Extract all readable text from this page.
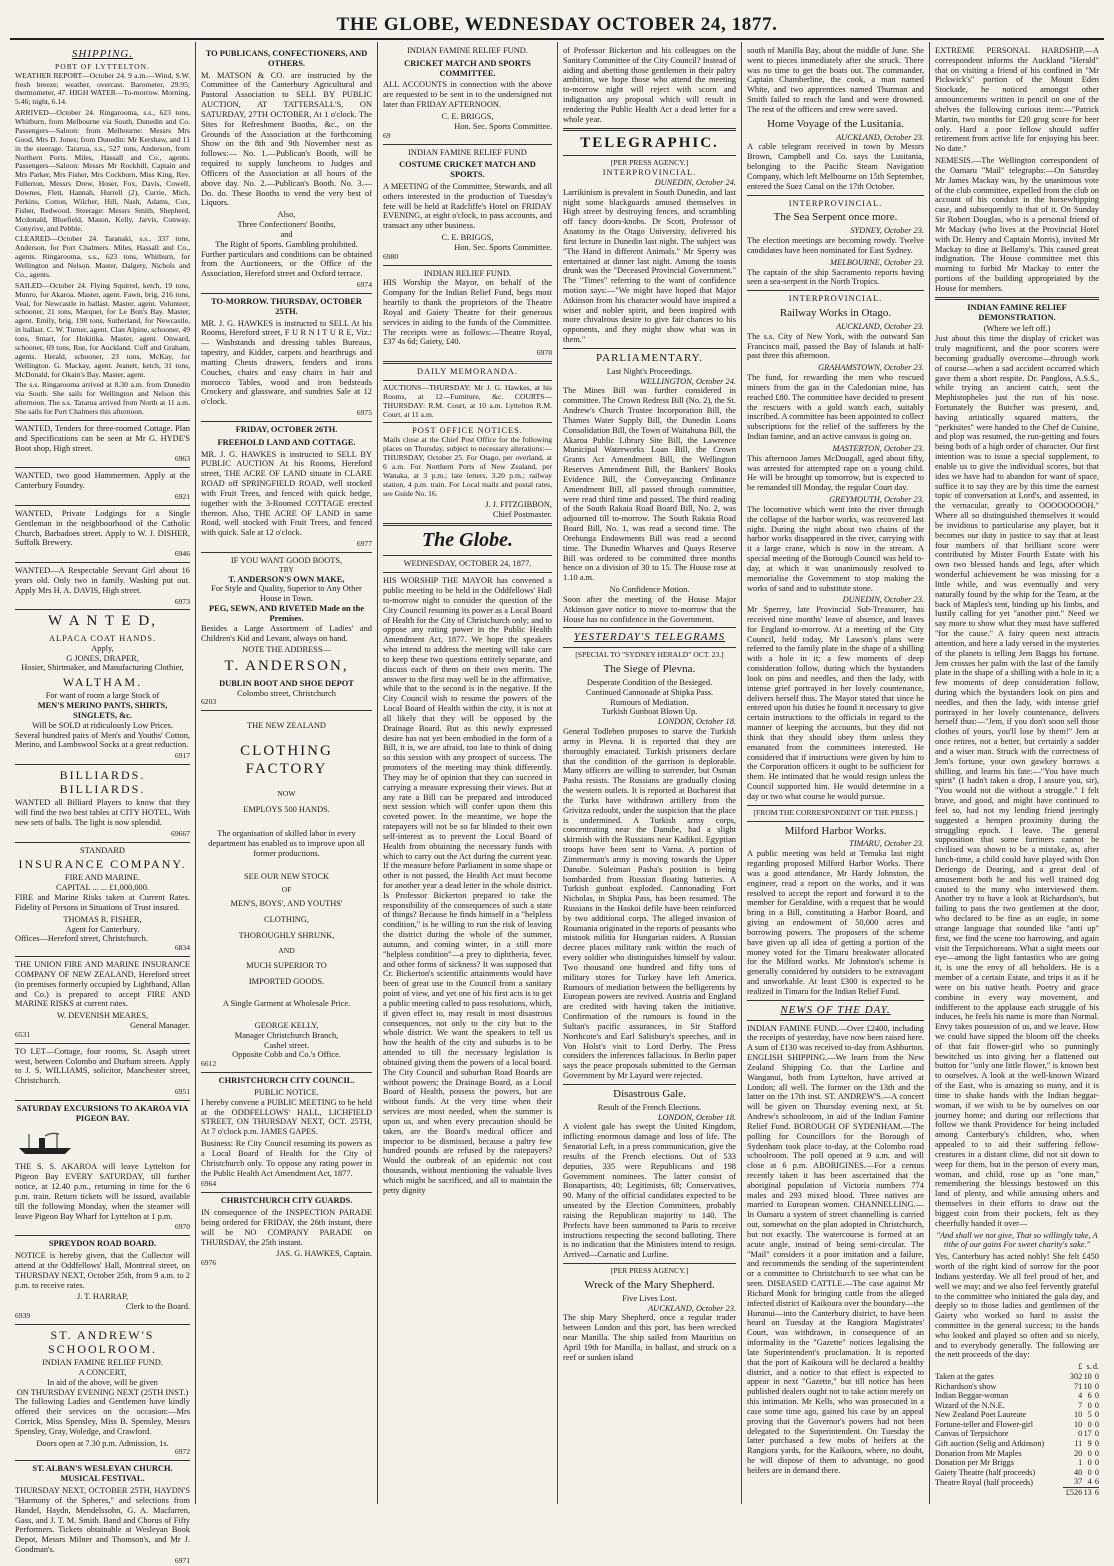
THE GLOBE, WEDNESDAY OCTOBER 24, 1877.
SHIPPING.
PORT OF LYTTELTON.

WEATHER REPORT—October 24. 9 a.m.—Wind, S.W. fresh breeze; weather, overcast. Barometer, 29.95; thermometer, 47. HIGH WATER—To-morrow. Morning, 5.46; night, 6.14.

ARRIVED—October 24. Ringarooma, s.s., 623 tons, Whitburn, from Melbourne via South, Dunedin and Co. Passengers—Saloon: from Melbourne: Messrs Mrs Good, Mrs D. Jones; from Dunedin: Mr Kershaw, and 11 in the steerage. Tararua, s.s., 527 tons, Anderson, from Northern Ports. Miles, Hassall and Co., agents. Passengers—Saloon: Messrs Mr Rockhill, Captain and Mrs Parker, Mrs Fisher, Mrs Cockburn, Miss King, Rev. Fullerton, Messrs Drew, Hoser, Fox, Davis, Cowell, Downes, Flett, Hannah, Hurrell (2), Currie, Mich, Perkins, Cotton, Wilcher, Hill, Nash, Adams, Cox, Fisher, Redwood. Steerage: Messrs Smith, Shepherd, Mcdonald, Bluefield, Mason, Kelly, Jarvis, Conway, Conyrive, and Pebble.

CLEARED—October 24. Taranaki, s.s., 337 tons, Anderson, for Port Chalmers. Miles, Hassall and Co., agents. Ringarooma, s.s., 623 tons, Whitburn, for Wellington and Nelson. Master, Dalgety, Nichols and Co., agents.

SAILED—October 24. Flying Squirrel, ketch, 19 tons, Munro, for Akaroa. Master, agent. Fawn, brig, 216 tons, Veal, for Newcastle in ballast. Master, agent. Volunteer, schooner, 21 tons, Marquet, for Le Bon's Bay. Master, agent. Emily, brig, 198 tons, Sutherland, for Newcastle, in ballast. C. W. Turner, agent. Clan Alpine, schooner, 49 tons, Smart, for Hokitika. Master, agent. Onward, schooner, 69 tons, Rue, for Auckland. Cuff and Graham, agents. Herald, schooner, 23 tons, McKay, for Wellington. G. Mackay, agent. Jeanett, ketch, 31 tons, McDonald, for Okain's Bay. Master, agent.

The s.s. Ringarooma arrived at 8.30 a.m. from Dunedin via South. She sails for Wellington and Nelson this afternoon. The s.s. Tararua arrived from North at 11 a.m. She sails for Port Chalmers this afternoon.

WANTED, Tenders for three-roomed Cottage. Plan and Specifications can be seen at Mr G. HYDE'S Boot shop, High street.

6963

WANTED, two good Hammermen. Apply at the Canterbury Foundry.

6921

WANTED, Private Lodgings for a Single Gentleman in the neighbourhood of the Catholic Church, Barbadoes street. Apply to W. J. DISHER, Suffolk Brewery.

6946

WANTED—A Respectable Servant Girl about 16 years old. Only two in family. Washing put out. Apply Mrs H. A. DAVIS, High street.

6973
W A N T E D,
ALPACA COAT HANDS.
Apply,
G JONES, DRAPER,
Hosier, Shirtmaker, and Manufacturing Clothier,
WALTHAM.
For want of room a large Stock of
MEN'S MERINO PANTS, SHIRTS, SINGLETS, &c.
Will be SOLD at ridiculously Low Prices.

Several hundred pairs of Men's and Youths' Cotton, Merino, and Lambswool Socks at a great reduction.

6917
BILLIARDS. BILLIARDS.

WANTED all Billiard Players to know that they will find the two best tables at CITY HOTEL, With new sets of balls. The light is now splendid.

69667
STANDARD
INSURANCE COMPANY.
FIRE AND MARINE.
CAPITAL ... ... £1,000,000.

FIRE and Marine Risks taken at Current Rates. Fidelity of Persons in Situations of Trust insured.

THOMAS R. FISHER,
Agent for Canterbury.
Offices—Hereford street, Christchurch.
6834

THE UNION FIRE AND MARINE INSURANCE COMPANY OF NEW ZEALAND, Hereford street (in premises formerly occupied by Lightband, Allan and Co.) is prepared to accept FIRE AND MARINE RISKS at current rates.

W. DEVENISH MEARES,
General Manager.
6531

TO LET—Cottage, four rooms, St. Asaph street west, between Colombo and Durham streets. Apply to J. S. WILLIAMS, solicitor, Manchester street, Christchurch.

6951
SATURDAY EXCURSIONS TO AKAROA VIA PIGEON BAY.

THE S. S. AKAROA will leave Lyttelton for Pigeon Bay EVERY SATURDAY, till further notice, at 12.40 p.m., returning in time for the 6 p.m. train. Return tickets will be issued, available till the following Monday, when the steamer will leave Pigeon Bay Wharf for Lyttelton at 1 p.m.

6970
SPREYDON ROAD BOARD.

NOTICE is hereby given, that the Collector will attend at the Oddfellows' Hall, Montreal street, on THURSDAY NEXT, October 25th, from 9 a.m. to 2 p.m. to receive rates.

J. T. HARRAP,
Clerk to the Board.
6939
ST. ANDREW'S SCHOOLROOM.
INDIAN FAMINE RELIEF FUND.
A CONCERT,
In aid of the above, will be given
ON THURSDAY EVENING NEXT (25TH INST.)

The following Ladies and Gentlemen have kindly offered their services on the occasion:—Mrs Corrick, Miss Spensley, Miss B. Spensley, Messrs Spensley, Gray, Woledge, and Crawford.

Doors open at 7.30 p.m. Admission, 1s.
6972
ST. ALBAN'S WESLEYAN CHURCH. MUSICAL FESTIVAL.

THURSDAY NEXT, OCTOBER 25TH, HAYDN'S "Harmony of the Spheres," and selections from Handel, Haydn, Mendelssohn, G. A. Macfarren, Gass, and J. T. M. Smith. Band and Chorus of Fifty Performers. Tickets obtainable at Wesleyan Book Depot, Messrs Milner and Thomson's, and Mr J. Goodman's.

6971
TO PUBLICANS, CONFECTIONERS, AND OTHERS.

M. MATSON & CO. are instructed by the Committee of the Canterbury Agricultural and Pastoral Association to SELL BY PUBLIC AUCTION, AT TATTERSALL'S, ON SATURDAY, 27TH OCTOBER, At 1 o'clock. The Sites for Refreshment Booths, &c., on the Grounds of the Association at the forthcoming Show on the 8th and 9th November next as follows:— No. 1.—Publican's Booth, will be required to supply luncheons to Judges and Officers of the Association at all hours of the above day. No. 2.—Publican's Booth. No. 3.— Do. do. These Booths to vend the very best of Liquors.

Also,
Three Confectioners' Booths,
and
The Right of Sports. Gambling prohibited.

Further particulars and conditions can be obtained from the Auctioneers, or the Office of the Association, Hereford street and Oxford terrace.

6974
TO-MORROW. THURSDAY, OCTOBER 25TH.

MR. J. G. HAWKES is instructed to SELL At his Rooms, Hereford street, F U R N I T U R E, Viz.:— Washstands and dressing tables Bureaus, tapestry, and Kidder, carpets and hearthrugs and matting Chests drawers, fenders and irons Couches, chairs and easy chairs in hair and morocco Tables, wood and iron bedsteads Crockery and glassware, and sundries Sale at 12 o'clock.

6975
FRIDAY, OCTOBER 26TH.
FREEHOLD LAND AND COTTAGE.

MR. J. G. HAWKES is instructed to SELL BY PUBLIC AUCTION At his Rooms, Hereford street, THE ACRE OF LAND situate in CLARE ROAD off SPRINGFIELD ROAD, well stocked with Fruit Trees, and fenced with quick hedge, together with the 3-Roomed COTTAGE erected thereon. Also, THE ACRE OF LAND in same Road, well stocked with Fruit Trees, and fenced with quick. Sale at 12 o'clock.

6977
IF YOU WANT GOOD BOOTS,
TRY
T. ANDERSON'S OWN MAKE,
For Style and Quality, Superior to Any Other House in Town.
PEG, SEWN, AND RIVETED Made on the Premises.

Besides a Large Assortment of Ladies' and Children's Kid and Levant, always on hand.

NOTE THE ADDRESS—
T. ANDERSON,
DUBLIN BOOT AND SHOE DEPOT
Colombo street, Christchurch
6203
THE NEW ZEALAND
CLOTHING FACTORY
NOW
EMPLOYS 500 HANDS.

The organisation of skilled labor in every department has enabled us to improve upon all former productions.

SEE OUR NEW STOCK
OF
MEN'S, BOYS', AND YOUTHS'
CLOTHING,
THOROUGHLY SHRUNK,
AND
MUCH SUPERIOR TO
IMPORTED GOODS.
A Single Garment at Wholesale Price.
GEORGE KELLY,
Manager Christchurch Branch,
Cashel street.
Opposite Cobb and Co.'s Office.
6612
CHRISTCHURCH CITY COUNCIL.
PUBLIC NOTICE.

I hereby convene a PUBLIC MEETING to be held at the ODDFELLOWS' HALL, LICHFIELD STREET, ON THURSDAY NEXT, OCT. 25TH, At 7 o'clock p.m. JAMES GAPES.

Business: Re City Council resuming its powers as a Local Board of Health for the City of Christchurch only. To oppose any rating power in the Public Health Act Amendment Act, 1877.

6964
CHRISTCHURCH CITY GUARDS.

IN consequence of the INSPECTION PARADE being ordered for FRIDAY, the 26th instant, there will be NO COMPANY PARADE on THURSDAY, the 25th instant.

JAS. G. HAWKES, Captain.
6976
INDIAN FAMINE RELIEF FUND.
CRICKET MATCH AND SPORTS COMMITTEE.

ALL ACCOUNTS in connection with the above are requested to be sent in to the undersigned not later than FRIDAY AFTERNOON.

C. E. BRIGGS,
Hon. Sec. Sports Committee.
69
INDIAN FAMINE RELIEF FUND
COSTUME CRICKET MATCH AND SPORTS.

A MEETING of the Committee, Stewards, and all others interested in the production of Tuesday's fete will be held at Radcliffe's Hotel on FRIDAY EVENING, at eight o'clock, to pass accounts, and transact any other business.

C. E. BRIGGS,
Hon. Sec. Sports Committee.
6980
INDIAN RELIEF FUND.

HIS Worship the Mayor, on behalf of the Company for the Indian Relief Fund, begs most heartily to thank the proprietors of the Theatre Royal and Gaiety Theatre for their generous services in aiding to the funds of the Committee. The receipts were as follows:—Theatre Royal, £37 4s 6d; Gaiety, £40.

6978
DAILY MEMORANDA.

AUCTIONS—THURSDAY: Mr J. G. Hawkes, at his Rooms, at 12—Furniture, &c. COURTS—THURSDAY: R.M. Court, at 10 a.m. Lyttelton R.M. Court, at 11 a.m.

POST OFFICE NOTICES.

Mails close at the Chief Post Office for the following places on Thursday, subject to necessary alterations:— THURSDAY, October 25. For Otago, per overland, at 6 a.m. For Northern Ports of New Zealand, per Wanaka, at 3 p.m.; late letters, 3.20 p.m.; railway station, 4 p.m. train. For Local mails and postal rates, see Guide No. 16.

J. J. FITZGIBBON,
Chief Postmaster.
The Globe.
WEDNESDAY, OCTOBER 24, 1877.

HIS WORSHIP THE MAYOR has convened a public meeting to be held in the Oddfellows' Hall to-morrow night to consider the question of the City Council resuming its power as a Local Board of Health for the City of Christchurch only; and to oppose any rating power in the Public Health Amendment Act, 1877. We hope the speakers who intend to address the meeting will take care to keep these two questions entirely separate, and discuss each of them on their own merits. The answer to the first may well be in the affirmative, while that to the second is in the negative. If the City Council wish to resume the powers of the Local Board of Health within the city, it is not at all likely that they will be opposed by the Drainage Board. But as this newly expressed desire has not yet been embodied in the form of a Bill, it is, we are afraid, too late to think of doing so this session with any prospect of success. The promoters of the meeting may think differently. They may be of opinion that they can succeed in carrying a measure expressing their views. But at any rate a Bill can be prepared and introduced next session which will confer upon them this coveted power. In the meantime, we hope the ratepayers will not be so far blinded to their own self-interest as to prevent the Local Board of Health from obtaining the necessary funds with which to carry out the Act during the current year. If the measure before Parliament in some shape or other is not passed, the Health Act must become for another year a dead letter in the whole district. Is Professor Bickerton prepared to take the responsibility of the consequences of such a state of things? Because he finds himself in a "helpless condition," is he willing to run the risk of leaving the district during the whole of the summer, autumn, and coming winter, in a still more "helpless condition"—a prey to diphtheria, fever, and other forms of sickness? It was supposed that Cr. Bickerton's scientific attainments would have been of great use to the Council from a sanitary point of view, and yet one of his first acts is to get a public meeting called to pass resolutions, which, if given effect to, may result in most disastrous consequences, not only to the city but to the whole district. We want the speakers to tell us how the health of the city and suburbs is to be attended to till the necessary legislation is obtained giving them the powers of a local board. The City Council and suburban Road Boards are without powers; the Drainage Board, as a Local Board of Health, possess the powers, but are without funds. At the very time when their services are most needed, when the summer is upon us, and when every precaution should be taken, are the Board's medical officer and inspector to be dismissed, because a paltry few hundred pounds are refused by the ratepayers? Would the outbreak of an epidemic not cost thousands, without mentioning the valuable lives which might be sacrificed, and all to maintain the petty dignity

of Professor Bickerton and his colleagues on the Sanitary Committee of the City Council? Instead of aiding and abetting those gentlemen in their paltry ambition, we hope those who attend the meeting to-morrow night will reject with scorn and indignation any proposal which will result in rendering the Public Health Act a dead letter for a whole year.

TELEGRAPHIC.
[PER PRESS AGENCY.]
INTERPROVINCIAL.
DUNEDIN, October 24.

Larrikinism is prevalent in South Dunedin, and last night some blackguards amused themselves in High street by destroying fences, and scrambling off fancy doors-knobs. Dr Scott, Professor of Anatomy in the Otago University, delivered his first lecture in Dunedin last night. The subject was "The Hand in different Animals." Mr Sperry was entertained at dinner last night. Among the toasts drunk was the "Deceased Provincial Government." The "Times" referring to the want of confidence motion says:—"We might have hoped that Major Atkinson from his character would have inspired a wiser and nobler spirit, and been inspired with more chivalrous desire to give fair chances to his opponents, and they might show what was in them."

PARLIAMENTARY.
Last Night's Proceedings.
WELLINGTON, October 24.

The Mines Bill was further considered in committee. The Crown Redress Bill (No. 2), the St. Andrew's Church Trustee Incorporation Bill, the Thames Water Supply Bill, the Dunedin Loans Consolidation Bill, the Town of Waitahuna Bill, the Akaroa Public Library Site Bill, the Lawrence Municipal Waterworks Loan Bill, the Crown Grants Act Amendment Bill, the Wellington Reserves Amendment Bill, the Bankers' Books Evidence Bill, the Conveyancing Ordinance Amendment Bill, all passed through committee, were read third time and passed. The third reading of the South Rakaia Road Board Bill, No. 2, was adjourned till to-morrow. The South Rakaia Road Board Bill, No. 1, was read a second time. The Orehunga Endowments Bill was read a second time. The Dunedin Wharves and Quays Reserve Bill was ordered to be committed three months hence on a division of 30 to 15. The House rose at 1.10 a.m.

No Confidence Motion.

Soon after the meeting of the House Major Atkinson gave notice to move to-morrow that the House has no confidence in the Government.

YESTERDAY'S TELEGRAMS
[SPECIAL TO "SYDNEY HERALD" OCT. 23.]
The Siege of Plevna.
Desperate Condition of the Besieged.
Continued Cannonade at Shipka Pass.
Rumours of Mediation.
Turkish Gunboat Blown Up.
LONDON, October 18.

General Todleben proposes to starve the Turkish army in Plevna. It is reported that they are thoroughly emaciated. Turkish prisoners declare that the condition of the garrison is deplorable. Many officers are willing to surrender, but Osman Pasha resists. The Russians are gradually closing the western outlets. It is reported at Bucharest that the Turks have withdrawn artillery from the Grivitza redoubt, under the suspicion that the place is undermined. A Turkish army corps, concentrating near the Danube, had a slight skirmish with the Russians near Kadikoi. Egyptian troops have been sent to Varna. A portion of Zimmerman's army is moving towards the Upper Danube. Suleiman Pasha's position is being bombarded from Russian floating batteries. A Turkish gunboat exploded. Cannonading Fort Nicholas, in Shipka Pass, has been resumed. The Russians in the Haskoi defile have been reinforced by two additional corps. The alleged invasion of Roumania originated in the reports of peasants who mistook militia for Hungarian raiders. A Russian decree places military rank within the reach of every soldier who distinguishes himself by valour. Two thousand one hundred and fifty tons of military stores for Turkey have left America. Rumours of mediation between the belligerents by European powers are revived. Austria and England are credited with having taken the initiative. Confirmation of the rumours is found in the Sultan's pacific assurances, in Sir Stafford Northcote's and Earl Salisbury's speeches, and in Von Holst's visit to Lord Derby. The Press considers the inferences fallacious. In Berlin paper says the peace proposals submitted to the German Government by Mr Layard were rejected.

Disastrous Gale.
Result of the French Elections.
LONDON, October 18.

A violent gale has swept the United Kingdom, inflicting enormous damage and loss of life. The Senatorial Left, in a press communication, give the results of the French elections. Out of 533 deputies, 335 were Republicans and 198 Government nominees. The latter consist of Bonapartists, 40; Legitimists, 68; Conservatives, 90. Many of the official candidates expected to be unseated by the Election Committees, probably raising the Republican majority to 140. The Prefects have been summoned to Paris to receive instructions respecting the second balloting. There is no indication that the Ministers intend to resign. Arrived—Carnatic and Lurline.

[PER PRESS AGENCY.]
Wreck of the Mary Shepherd.
Five Lives Lost.
AUCKLAND, October 23.

The ship Mary Shepherd, once a regular trader between London and this port, has been wrecked near Manilla. The ship sailed from Mauritius on April 19th for Manilla, in ballast, and struck on a reef or sunken island

south of Manilla Bay, about the middle of June. She went to pieces immediately after she struck. There was no time to get the boats out. The commander, Captain Chamberline, the cook, a man named White, and two apprentices named Thurman and Smith failed to reach the land and were drowned. The rest of the officers and crew were saved.

Home Voyage of the Lusitania.
AUCKLAND, October 23.

A cable telegram received in town by Messrs Brown, Campbell and Co. says the Lusitania, belonging to the Pacific Steam Navigation Company, which left Melbourne on 15th September, entered the Suez Canal on the 17th October.

INTERPROVINCIAL.
The Sea Serpent once more.
SYDNEY, October 23.

The election meetings are becoming rowdy. Twelve candidates have been nominated for East Sydney.

MELBOURNE, October 23.

The captain of the ship Sacramento reports having seen a sea-serpent in the North Tropics.

INTERPROVINCIAL.
Railway Works in Otago.
AUCKLAND, October 23.

The s.s. City of New York, with the outward San Francisco mail, passed the Bay of Islands at half-past three this afternoon.

GRAHAMSTOWN, October 23.

The fund, for rewarding the men who rescued miners from the gas in the Caledonian mine, has reached £80. The committee have decided to present the rescuers with a gold watch each, suitably inscribed. A committee has been appointed to collect subscriptions for the relief of the sufferers by the Indian famine, and an active canvass is going on.

MASTERTON, October 23.

This afternoon James McDougall, aged about fifty, was arrested for attempted rape on a young child. He will be brought up tomorrow, but is expected to be remanded till Monday, the regular Court day.

GREYMOUTH, October 23.

The locomotive which went into the river through the collapse of the harbor works, was recovered last night. During the night about two chains of the harbor works disappeared in the river, carrying with it a large crane, which is now in the stream. A special meeting of the Borough Council was held to-day, at which it was unanimously resolved to memorialise the Government to stop making the works of sand and to substitute stone.

DUNEDIN, October 23.

Mr Sperrey, late Provincial Sub-Treasurer, has received nine months' leave of absence, and leaves for England to-morrow. At a meeting of the City Council, held today, Mr Lawson's plans were referred to the family plate in the shape of a shilling with a hole in it; a few moments of deep consideration follow, during which the bystanders look on pins and needles, and then the lady, with intense grief portrayed in her lovely countenance, delivers herself thus. The Mayor stated that since he entered upon his duties he found it necessary to give certain instructions to the officials in regard to the manner of keeping the accounts, but they did not think that they should obey them unless they emanated from the committees interested. He considered that if instructions were given by him to the Corporation officers it ought to be sufficient for them. He intimated that he would resign unless the Council supported him. He would determine in a day or two what course he would pursue.

[FROM THE CORRESPONDENT OF THE PRESS.]
Milford Harbor Works.
TIMARU, October 23.

A public meeting was held at Temuka last night regarding proposed Milford Harbor Works. There was a good attendance, Mr Hardy Johnston, the engineer, read a report on the works, and it was resolved to accept the report and forward it to the member for Geraldine, with a request that he would bring in a Bill, constituting a Harbor Board, and giving an endowment of 50,000 acres and borrowing powers. The proposers of the scheme have given up all idea of getting a portion of the money voted for the Timaru breakwater allocated for the Milford works. Mr Johnston's scheme is generally considered by outsiders to be extravagant and unworkable. At least £300 is expected to be realized in Timaru for the Indian Relief Fund.

NEWS OF THE DAY.

INDIAN FAMINE FUND.—Over £2400, including the receipts of yesterday, have now been raised here. A sum of £130 was received to-day from Ashburton. ENGLISH SHIPPING.—We learn from the New Zealand Shipping Co. that the Lurline and Wanganui, both from Lyttelton, have arrived at London; all well. The former on the 13th and the latter on the 17th inst. ST. ANDREW'S.—A concert will be given on Thursday evening next, at St. Andrew's schoolroom, in aid of the Indian Famine Relief Fund. BOROUGH OF SYDENHAM.—The polling for Councillors for the Borough of Sydenham took place to-day, at the Colombo road schoolroom. The poll opened at 9 a.m. and will close at 6 p.m. ABORIGINES.—For a census recently taken it has been ascertained that the aboriginal population of Victoria numbers 774 males and 293 mixed blood. Three natives are married to European women. CHANNELLING.—In Oamaru a system of street channelling is carried out, somewhat on the plan adopted in Christchurch, but not exactly. The watercourse is formed at an acute angle, instead of being semi-circular. The "Mail" considers it a poor imitation and a failure, and recommends the sending of the superintendent or a committee to Christchurch to see what can be seen. DISEASED CATTLE.—The case against Mr Richard Monk for bringing cattle from the alleged infected district of Kaikoura over the boundary—the Hurunui—into the Canterbury district, to have been heard on Tuesday at the Rangiora Magistrates' Court, was withdrawn, in consequence of an informality in the "Gazette" notices legalising the late Superintendent's proclamation. It is reported that the port of Kaikoura will be declared a healthy district, and a notice to that effect is expected to appear in next "Gazette," but till notice has been published dealers ought not to take action merely on this intimation. Mr Kells, who was prosecuted in a case some time ago, gained his case by an appeal proving that the Governor's powers had not been delegated to the Superintendent. On Tuesday the latter purchased a few mobs of heifers at the Rangiora yards, for the Kaikoura, where, no doubt, he will dispose of them to advantage, no good heifers are in demand there.

EXTREME PERSONAL HARDSHIP.—A correspondent informs the Auckland "Herald" that on visiting a friend of his confined in "Mr Pickwick's" portion of the Mount Eden Stockade, he noticed amongst other announcements written in pencil on one of the shelves the following curious item:—"Patrick Martin, two months for £20 grog score for beer only. Hard a poor fellow should suffer retirement from active life for enjoying his beer. No date."

NEMESIS.—The Wellington correspondent of the Oamaru "Mail" telegraphs:—On Saturday Mr James Mackay was, by the unanimous vote of the club committee, expelled from the club on account of his conduct in the horsewhipping case, and subsequently to that of it. On Sunday Sir Robert Douglas, who is a personal friend of Mr Mackay (who lives at the Provincial Hotel with Dr. Henry and Captain Morris), invited Mr Mackay to dine at Bellamy's. This caused great indignation. The House committee met this morning to forbid Mr Mackay to enter the portions of the building appropriated by the House for members.

INDIAN FAMINE RELIEF DEMONSTRATION.
(Where we left off.)

Just about this time the display of cricket was truly magnificent, and the poor scorers were becoming gradually overcome—through work of course—when a sad accident occurred which gave them a short respite. Dr. Pangloss, A.S.S., while trying an ancient catch, sent the Mephistopheles just the run of his nose. Fortunately the Butcher was present, and, having artistically squared matters, the "perkisites" were handed to the Chef de Cuisine, and plop was resumed, the run-getting and fours being both of a high order of character. Our first intention was to issue a special supplement, to enable us to give the individual scores, but that idea we have had to abandon for want of space, suffice it to say they are by this time the earnest topic of conversation at Lord's, and assented, in the vernacular, greatly to OOOOOOOOH." Where all so distinguished themselves it would be invidious to particularise any player, but it becomes our duty in justice to say that at least four numbers of that brilliant score were contributed by Mister Fourth Estate with his own two blessed hands and legs, after which wonderful achievement he was missing for a little while, and was eventually and very naturally found by the whip for the Team, at the back of Maples's tent, binding up his limbs, and lustily calling for yet "another pint." Need we say more to show what they must have suffered "for the cause." A fairy queen next attracts attention, and here a lady versed in the mysteries of the planets is telling Jem Baggs his fortune. Jem crosses her palm with the last of the family plate in the shape of a shilling with a hole in it; a few moments of deep consideration follow, during which the bystanders look on pins and needles, and then the lady, with intense grief portrayed in her lovely countenance, delivers herself thus:—"Jem, if you don't soon sell those clothes of yours, you'll lose by them!" Jem at once retires, not a better, but certainly a sadder and a wiser man. Struck with the correctness of Jem's fortune, your own gawkey borrows a shilling, and learns his fate:—"You have much spirit" (I hadn't taken a drop, I assure you, sir), "You would not die without a struggle." I felt brave, and good, and might have continued to feel so, had not my lending friend jeeringly suggested a hempen proximity during the struggling epoch. I leave. The general supposition that some furriners cannot be civilised was shown to be a mistake, as, after lunch-time, a child could have played with Don Deriengo de Dearing, and a great deal of amusement both he and his well trained dog caused to the many who interviewed them. Another try to have a look at Richardson's, but failing to pass the two gentlemen at the door, who declared to be fine as an eagle, in some strange language that sounded like "anti up" first, we find the scene too harrowing, and again visit the Terpsichoreans. What a sight meets our eye—among the light fantastics who are going it, is one the envy of all beholders. He is a member of a certain Estate, and trips it as if he were on his native heath. Poetry and grace combine in every way movement, and indifferent to the applause each struggle of his induces, he feels his name is more than Normal. Envy takes possession of us, and we leave. How we could have sipped the bloom off the cheeks of that fair flower-girl who so punningly bewitched us into giving her a flattened out button for "only one little flower," is known best to ourselves. A look at the well-known Wizard of the East, who is amazing so many, and it is time to shake hands with the Indian beggar-woman, if we wish to be by ourselves on our journey home; and during our reflections that follow we thank Providence for being included among Canterbury's children, who, when appealed to to aid their suffering fellow-creatures in a distant clime, did not sit down to weep for them, but in the person of every man, woman, and child, rose up as "one man," remembering the blessings bestowed on this land of plenty, and while amusing others and themselves in their efforts to draw out the biggest coin from their pockets, felt as they cheerfully handed it over—

"And shall we not give, That so willingly take, A tithe of our gains For sweet charity's sake."

Yes, Canterbury has acted nobly! She felt £450 worth of the right kind of sorrow for the poor Indians yesterday. We all feel proud of her, and well we may; and we also feel fervently grateful to the committee who initiated the gala day, and deeply so to those ladies and gentlemen of the Gaiety who worked so hard to assist the committee in the general success; to the bands who looked and played so often and so nicely, and to everybody generally. The following are the nett proceeds of the day:

	£	s.	d.
Taken at the gates	302	10	0
Richardson's show	71	10	0
Indian Beggar-woman	4	6	0
Wizard of the N.N.E.	7	0	0
New Zealand Poet Laureate	10	5	0
Fortune-teller and Flower-girl	10	0	0
Canvas of Terpsichore	0	17	0
Gift auction (Selig and Atkinson)	11	9	0
Donation from Mr Maples	20	0	0
Donation per Mr Briggs	1	0	0
Gaiety Theatre (half proceeds)	40	0	0
Theatre Royal (half proceeds)	37	4	6
	£526	13	6
